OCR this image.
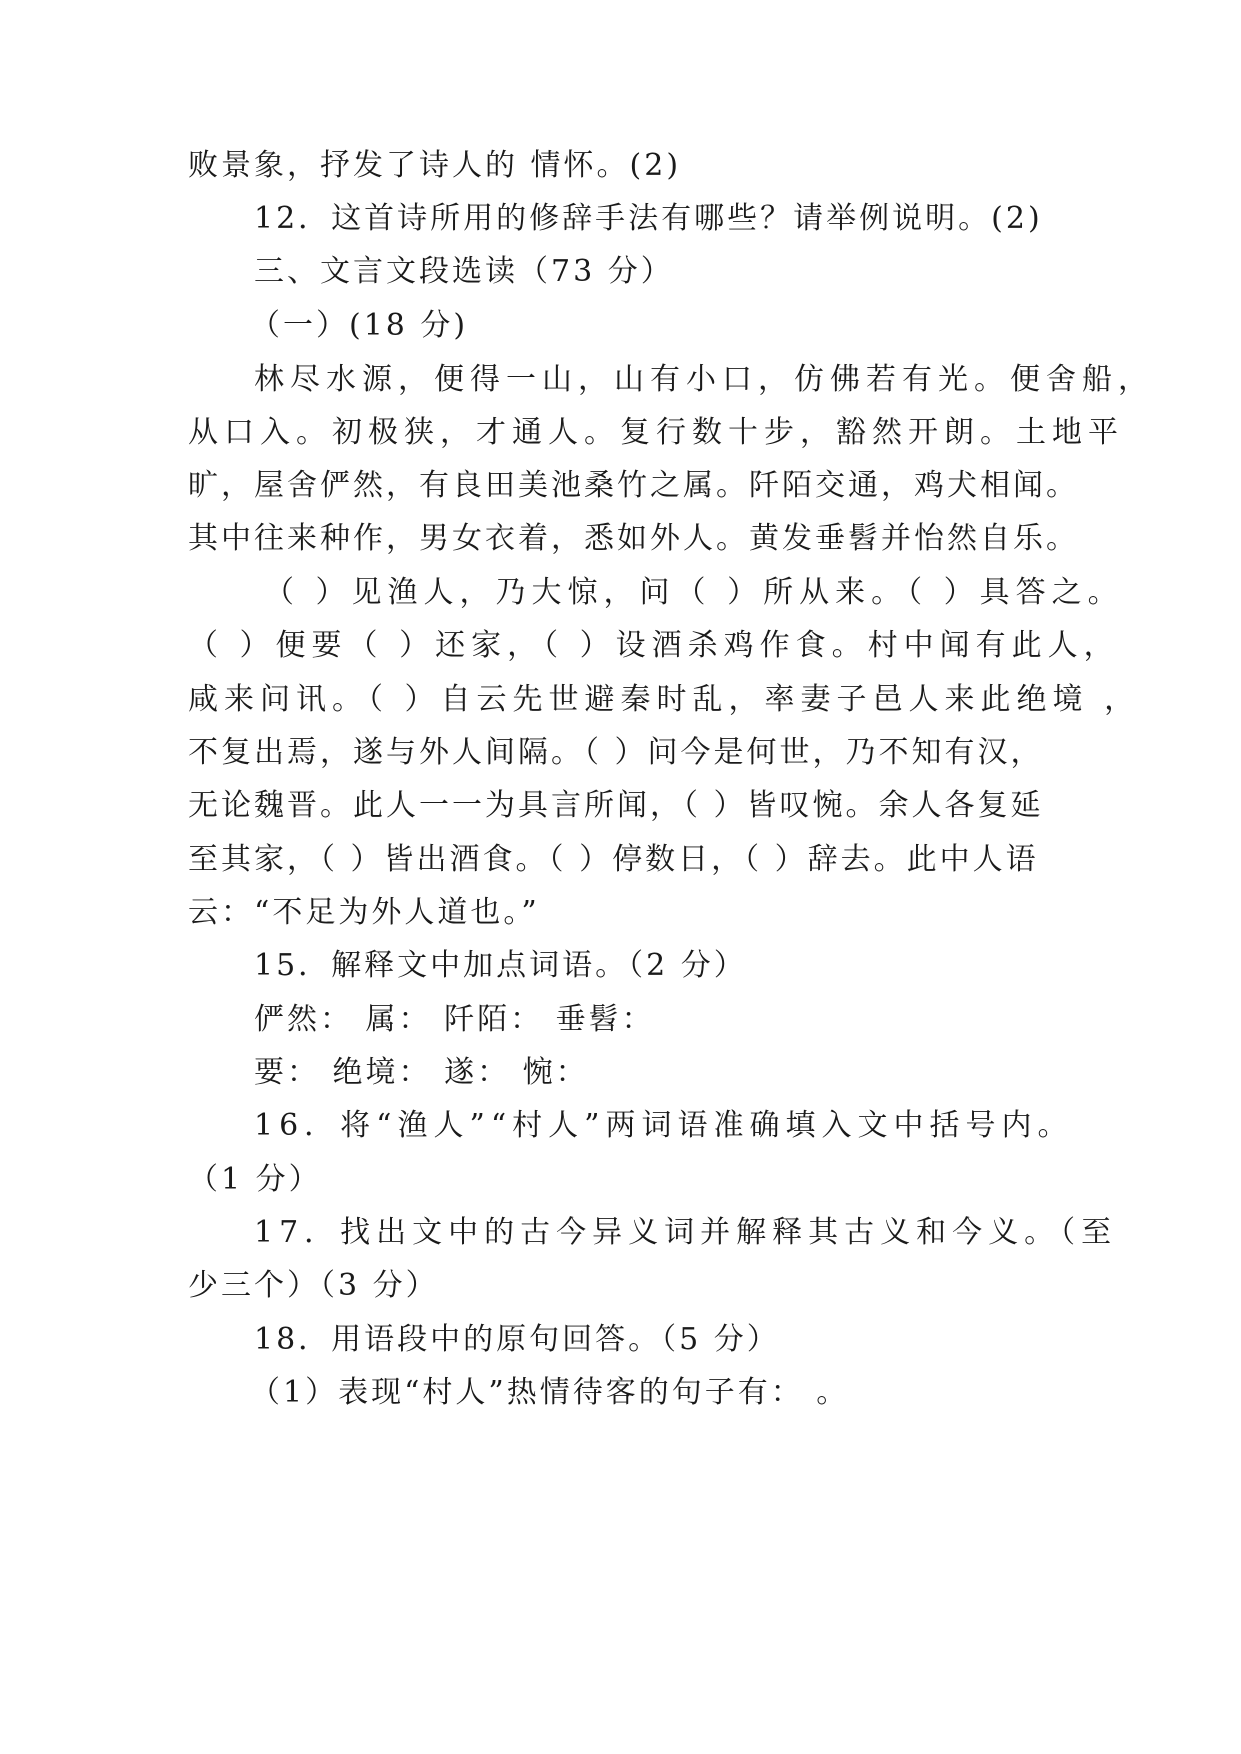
败景象，抒发了诗人的 情怀。(2)
12．这首诗所用的修辞手法有哪些？请举例说明。(2)
三、文言文段选读（73 分）
（一）(18 分)
林尽水源，便得一山，山有小口，仿佛若有光。便舍船，
从口入。初极狭，才通人。复行数十步，豁然开朗。土地平
旷，屋舍俨然，有良田美池桑竹之属。阡陌交通，鸡犬相闻。
其中往来种作，男女衣着，悉如外人。黄发垂髫并怡然自乐。
（ ）见渔人，乃大惊，问（ ）所从来。（ ）具答之。
（ ）便要（ ）还家，（ ）设酒杀鸡作食。村中闻有此人，
咸来问讯。（ ）自云先世避秦时乱，率妻子邑人来此绝境 ，
不复出焉，遂与外人间隔。（ ）问今是何世，乃不知有汉，
无论魏晋。此人一一为具言所闻，（ ）皆叹惋。余人各复延
至其家，（ ）皆出酒食。（ ）停数日，（ ）辞去。此中人语
云：“不足为外人道也。”
15．解释文中加点词语。（2 分）
俨然： 属： 阡陌： 垂髫：
要： 绝境： 遂： 惋：
16．将“渔人”“村人”两词语准确填入文中括号内。
（1 分）
17．找出文中的古今异义词并解释其古义和今义。（至
少三个）（3 分）
18．用语段中的原句回答。（5 分）
（1）表现“村人”热情待客的句子有： 。
